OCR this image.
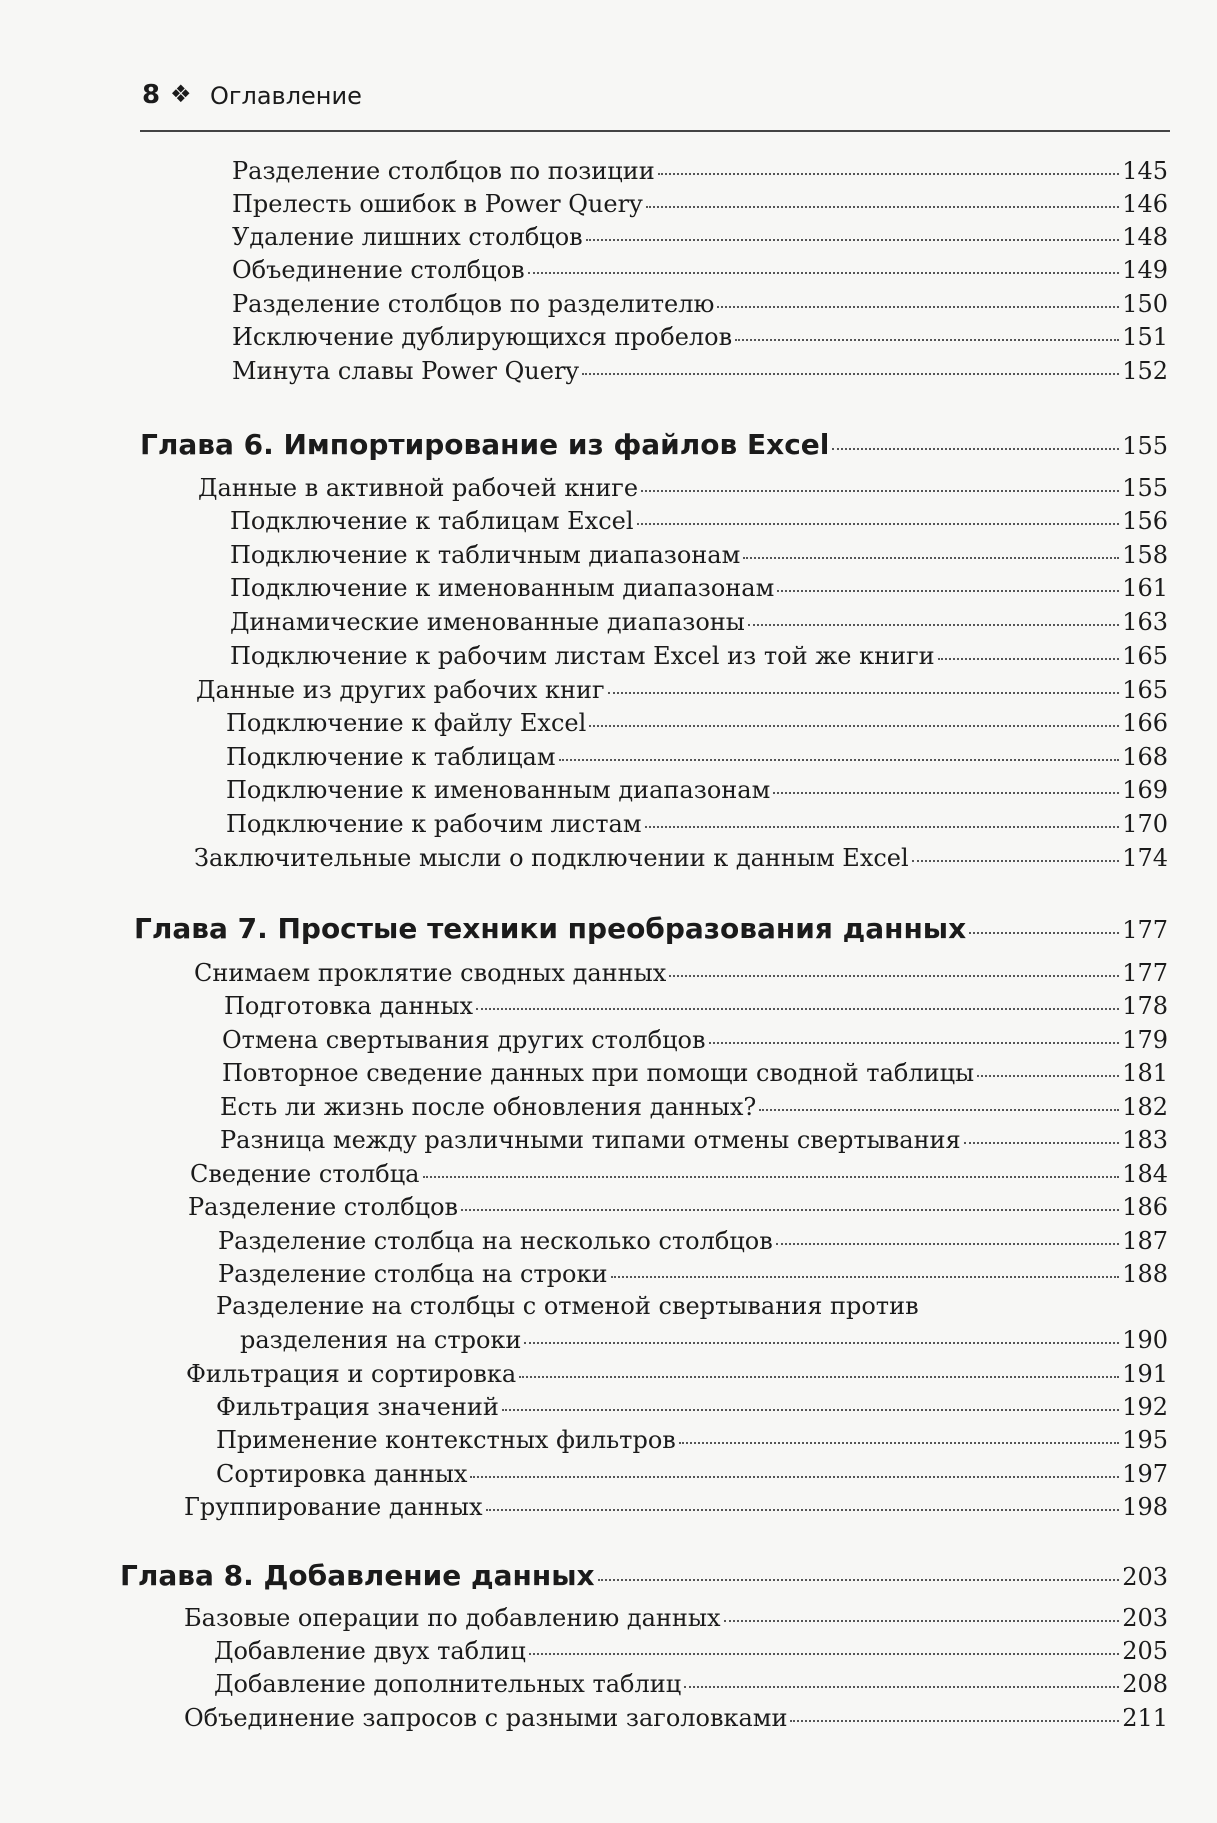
8 ❖ Оглавление
Разделение столбцов по позиции	145
Прелесть ошибок в Power Query	146
Удаление лишних столбцов	148
Объединение столбцов	149
Разделение столбцов по разделителю	150
Исключение дублирующихся пробелов	151
Минута славы Power Query	152
Глава 6. Импортирование из файлов Excel	155
Данные в активной рабочей книге	155
Подключение к таблицам Excel	156
Подключение к табличным диапазонам	158
Подключение к именованным диапазонам	161
Динамические именованные диапазоны	163
Подключение к рабочим листам Excel из той же книги	165
Данные из других рабочих книг	165
Подключение к файлу Excel	166
Подключение к таблицам	168
Подключение к именованным диапазонам	169
Подключение к рабочим листам	170
Заключительные мысли о подключении к данным Excel	174
Глава 7. Простые техники преобразования данных	177
Снимаем проклятие сводных данных	177
Подготовка данных	178
Отмена свертывания других столбцов	179
Повторное сведение данных при помощи сводной таблицы	181
Есть ли жизнь после обновления данных?	182
Разница между различными типами отмены свертывания	183
Сведение столбца	184
Разделение столбцов	186
Разделение столбца на несколько столбцов	187
Разделение столбца на строки	188
Разделение на столбцы с отменой свертывания против
разделения на строки	190
Фильтрация и сортировка	191
Фильтрация значений	192
Применение контекстных фильтров	195
Сортировка данных	197
Группирование данных	198
Глава 8. Добавление данных	203
Базовые операции по добавлению данных	203
Добавление двух таблиц	205
Добавление дополнительных таблиц	208
Объединение запросов с разными заголовками	211
